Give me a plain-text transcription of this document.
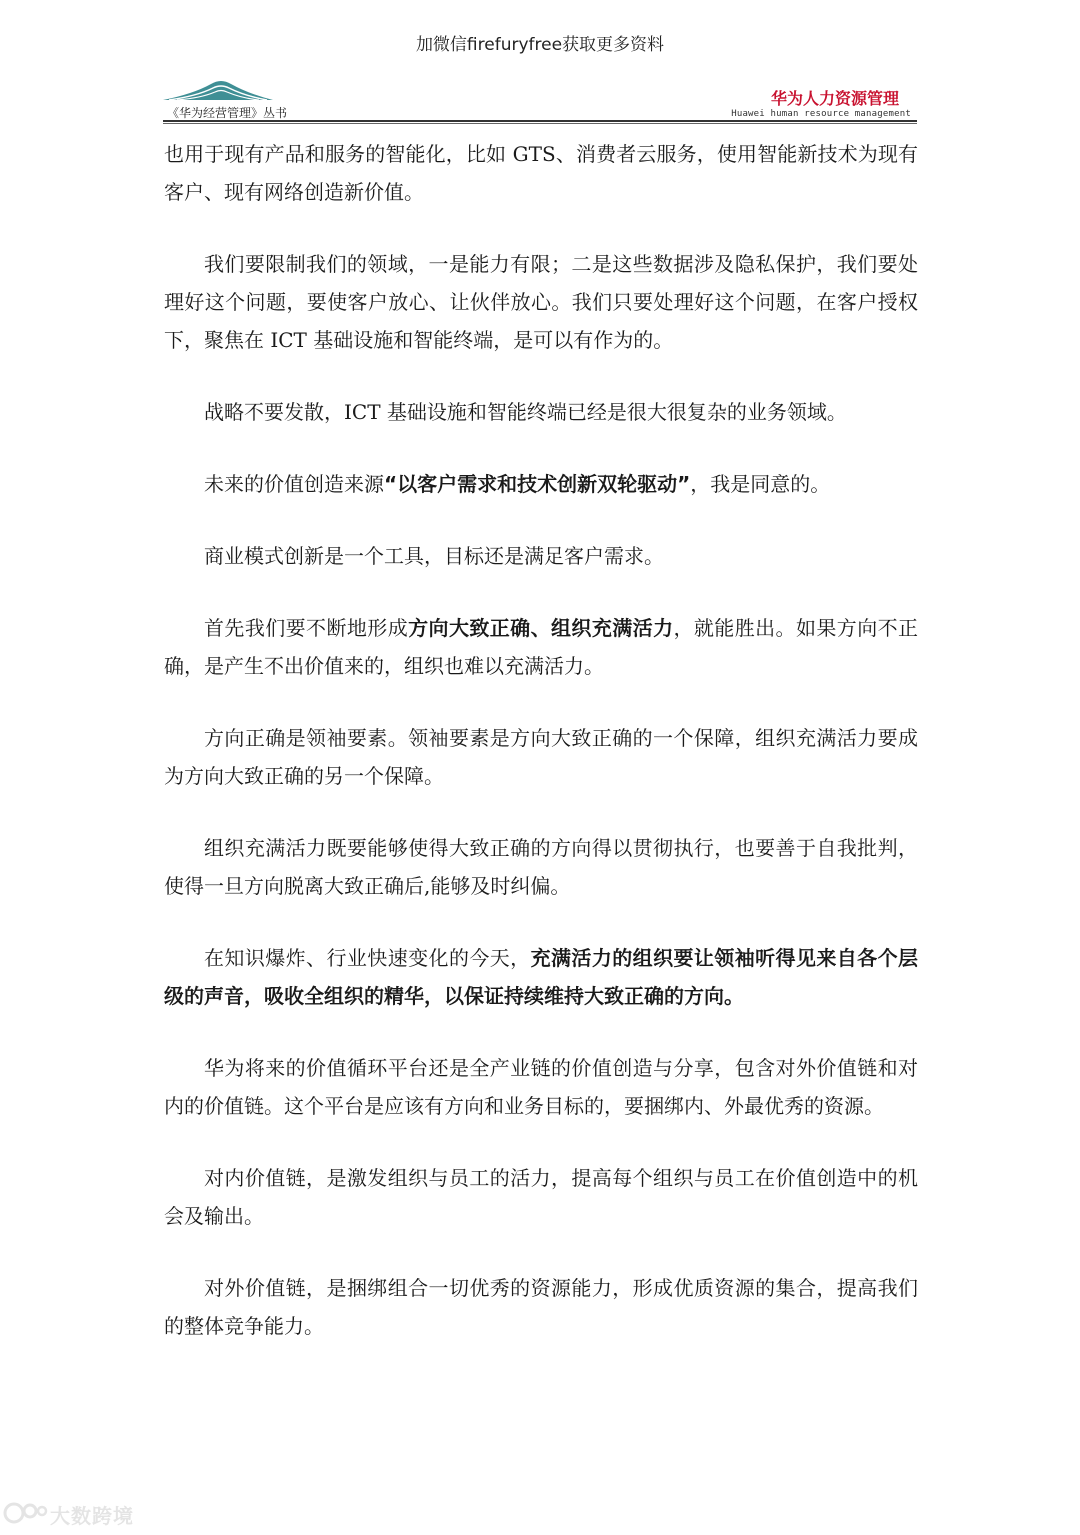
加微信firefuryfree获取更多资料
《华为经营管理》丛书
华为人力资源管理
Huawei human resource management

也用于现有产品和服务的智能化，比如 GTS、消费者云服务，使用智能新技术为现有客户、现有网络创造新价值。

我们要限制我们的领域，一是能力有限；二是这些数据涉及隐私保护，我们要处理好这个问题，要使客户放心、让伙伴放心。我们只要处理好这个问题，在客户授权下，聚焦在 ICT 基础设施和智能终端，是可以有作为的。

战略不要发散，ICT 基础设施和智能终端已经是很大很复杂的业务领域。

未来的价值创造来源“以客户需求和技术创新双轮驱动”，我是同意的。

商业模式创新是一个工具，目标还是满足客户需求。

首先我们要不断地形成方向大致正确、组织充满活力，就能胜出。如果方向不正确，是产生不出价值来的，组织也难以充满活力。

方向正确是领袖要素。领袖要素是方向大致正确的一个保障，组织充满活力要成为方向大致正确的另一个保障。

组织充满活力既要能够使得大致正确的方向得以贯彻执行，也要善于自我批判，使得一旦方向脱离大致正确后,能够及时纠偏。

在知识爆炸、行业快速变化的今天，充满活力的组织要让领袖听得见来自各个层级的声音，吸收全组织的精华，以保证持续维持大致正确的方向。

华为将来的价值循环平台还是全产业链的价值创造与分享，包含对外价值链和对内的价值链。这个平台是应该有方向和业务目标的，要捆绑内、外最优秀的资源。

对内价值链，是激发组织与员工的活力，提高每个组织与员工在价值创造中的机会及输出。

对外价值链，是捆绑组合一切优秀的资源能力，形成优质资源的集合，提高我们的整体竞争能力。

大数跨境
